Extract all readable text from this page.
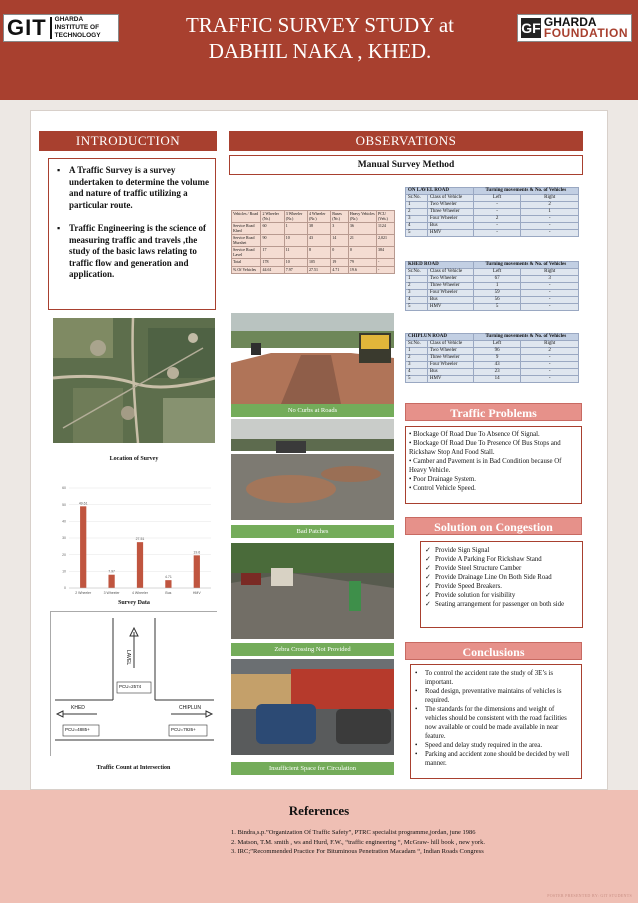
GIT GHARDA
INSTITUTE OF
TECHNOLOGY	TRAFFIC SURVEY STUDY at
DABHIL NAKA , KHED.
GF GHARDA
FOUNDATION
INTRODUCTION
▪ A Traffic Survey is a survey undertaken to determine the volume and nature of traffic utilizing a particular route.
▪ Traffic Engineering is the science of measuring traffic and travels ,the study of the basic laws relating to traffic flow and generation and application.
Location of Survey
0
10
20
30
40
50
60
49.61
2 Wheeler
7.97
3 Wheeler
27.51
4 Wheeler
4.71
Bus
19.6
HMV
Survey Data
LAVEL
PCU=2574
KHED
PCU=4885+
CHIPLUN
PCU=7926+
Traffic Count at Intersection
OBSERVATIONS
Manual Survey Method
Vehicles / Road	2 Wheeler (Nr.)	3 Wheeler (Nr.)	4 Wheeler (Nr.)	Buses (Nr.)	Heavy Vehicles (Nr.)	PCU (Veh.)
Service Road Khed	60	1	38	3	36	1124
Service Road Murshet	90	10	43	14	21	2,021
Service Road Lavel	17	11	8	0	0	384
Total	178	10	105	19	79	-
% Of Vehicles	44.61	7.97	27.51	4.71	19.6	-
ON LAVEL ROAD		Turning movements & No. of Vehicles	
Sr.No.	Class of Vehicle	Left	Right
1	Two Wheeler	-	2
2	Three Wheeler	-	1
3	Four Wheeler	2	-
4	Bus	-	-
5	HMV	-	-
KHED ROAD		Turning movements & No. of Vehicles	
Sr.No.	Class of Vehicle	Left	Right
1	Two Wheeler	67	3
2	Three Wheeler	1	-
3	Four Wheeler	59	-
4	Bus	56	-
5	HMV	5	-
CHIPLUN ROAD		Turning movements & No. of Vehicles	
Sr.No.	Class of Vehicle	Left	Right
1	Two Wheeler	96	2
2	Three Wheeler	9	-
3	Four Wheeler	43	-
4	Bus	23	-
5	HMV	14	-
No Curbs at Roads
Bad Patches
Zebra Crossing Not Provided
Insufficient Space for Circulation
Traffic Problems
• Blockage Of Road Due To Absence Of Signal.
• Blockage Of Road Due To Presence Of Bus Stops and Rickshaw Stop And Food Stall.
• Camber and Pavement is in Bad Condition because Of Heavy Vehicle.
• Poor Drainage System.
• Control Vehicle Speed.
Solution on Congestion
✓ Provide Sign Signal
✓ Provide A Parking For Rickshaw Stand
✓ Provide Steel Structure Camber
✓ Provide Drainage Line On Both Side Road
✓ Provide Speed Breakers.
✓ Provide solution for visibility
✓ Seating arrangement for passenger on both side
Conclusions
• To control the accident rate the study of 3E’s is important.
• Road design, preventative maintains of vehicles is required.
• The standards for the dimensions and weight of vehicles should be consistent with the road facilities now available or could be made available in near feature.
• Speed and delay study required in the area.
• Parking and accident zone should be decided by well manner.
References
1. Bindra,s.p.”Organization Of Traffic Safety”, PTRC specialist programme,jordan, june 1986
2. Matson, T.M. smith , ws and Hurd, F.W., “traffic engineering “, McGraw- hill book , new york.
3. IRC;”Recommended Practice For Bituminous Penetration Macadam “, Indian Roads Congress
POSTER PRESENTED BY: GIT STUDENTS
